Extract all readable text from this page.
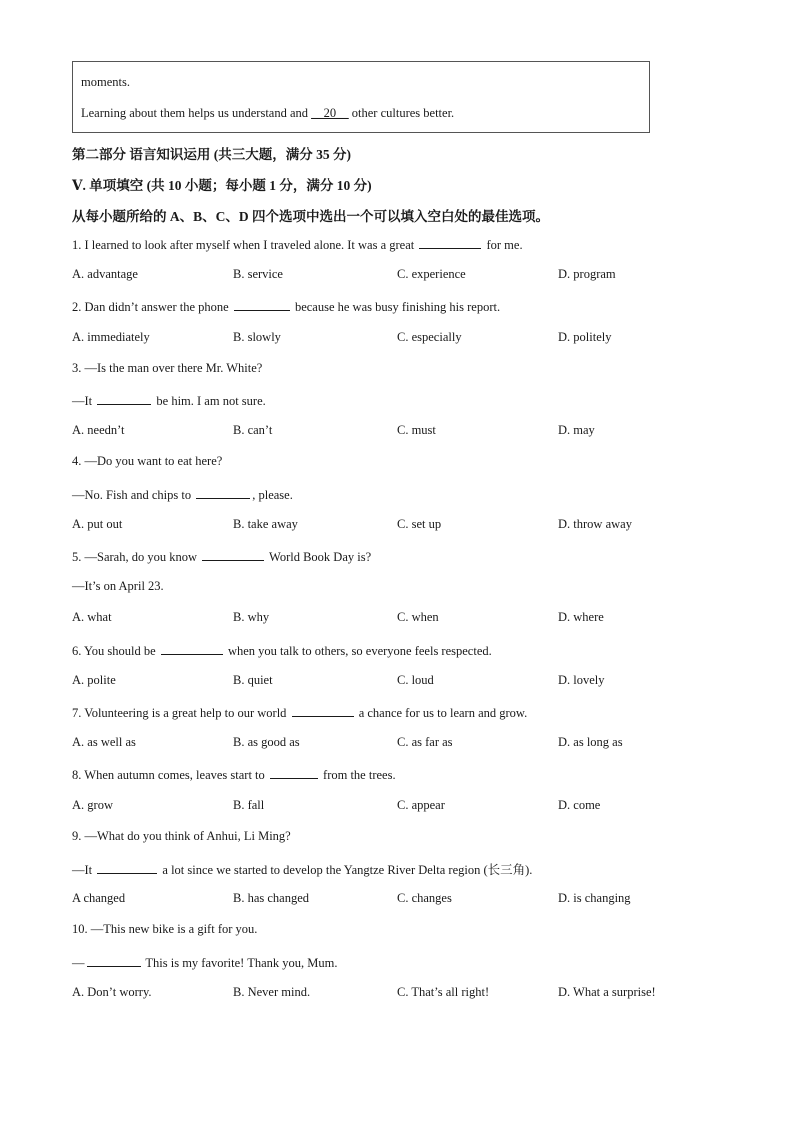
moments.
Learning about them helps us understand and __20__ other cultures better.
第二部分 语言知识运用 (共三大题，满分 35 分)
Ⅴ. 单项填空 (共 10 小题；每小题 1 分，满分 10 分)
从每小题所给的 A、B、C、D 四个选项中选出一个可以填入空白处的最佳选项。
1. I learned to look after myself when I traveled alone. It was a great	for me.
A. advantage	B. service	C. experience	D. program
2. Dan didn’t answer the phone	because he was busy finishing his report.
A. immediately	B. slowly	C. especially	D. politely
3. —Is the man over there Mr. White?
—It	be him. I am not sure.
A. needn’t	B. can’t	C. must	D. may
4. —Do you want to eat here?
—No. Fish and chips to	, please.
A. put out	B. take away	C. set up	D. throw away
5. —Sarah, do you know	World Book Day is?
—It’s on April 23.
A. what	B. why	C. when	D. where
6. You should be	when you talk to others, so everyone feels respected.
A. polite	B. quiet	C. loud	D. lovely
7. Volunteering is a great help to our world	a chance for us to learn and grow.
A. as well as	B. as good as	C. as far as	D. as long as
8. When autumn comes, leaves start to	from the trees.
A. grow	B. fall	C. appear	D. come
9. —What do you think of Anhui, Li Ming?
—It	a lot since we started to develop the Yangtze River Delta region (长三角).
A changed	B. has changed	C. changes	D. is changing
10. —This new bike is a gift for you.
—	This is my favorite! Thank you, Mum.
A. Don’t worry.	B. Never mind.	C. That’s all right!	D. What a surprise!
